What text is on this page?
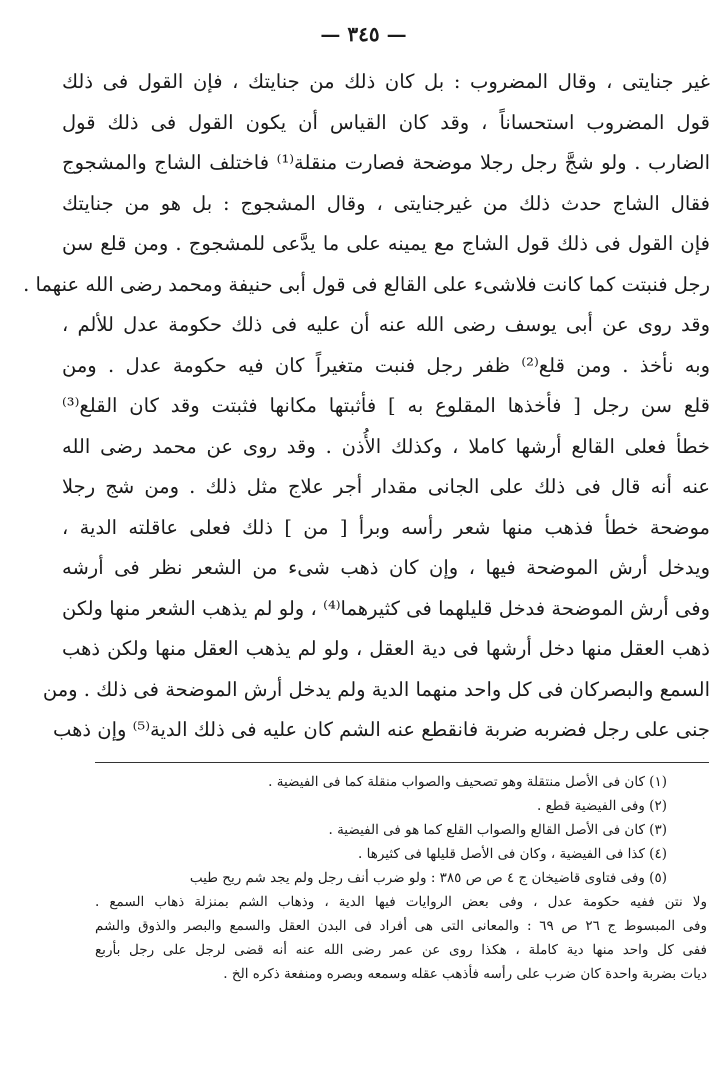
— ٣٤٥ —
غير جنايتى ، وقال المضروب : بل كان ذلك من جنايتك ، فإن القول فى ذلك
قول المضروب استحساناً ، وقد كان القياس أن يكون القول فى ذلك قول
الضارب . ولو شجَّ رجل رجلا موضحة فصارت منقلة⁽¹⁾ فاختلف الشاج والمشجوج
فقال الشاج حدث ذلك من غيرجنايتى ، وقال المشجوج : بل هو من جنايتك
فإن القول فى ذلك قول الشاج مع يمينه على ما يدَّعى للمشجوج . ومن قلع سن
رجل فنبتت كما كانت فلاشىء على القالع فى قول أبى حنيفة ومحمد رضى الله عنهما .
وقد روى عن أبى يوسف رضى الله عنه أن عليه فى ذلك حكومة عدل للألم ،
وبه نأخذ . ومن قلع⁽²⁾ ظفر رجل فنبت متغيراً كان فيه حكومة عدل . ومن
قلع سن رجل [ فأخذها المقلوع به ] فأثبتها مكانها فثبتت وقد كان القلع⁽³⁾
خطأ فعلى القالع أرشها كاملا ، وكذلك الأُذن . وقد روى عن محمد رضى الله
عنه أنه قال فى ذلك على الجانى مقدار أجر علاج مثل ذلك . ومن شج رجلا
موضحة خطأ فذهب منها شعر رأسه وبرأ [ من ] ذلك فعلى عاقلته الدية ،
ويدخل أرش الموضحة فيها ، وإن كان ذهب شىء من الشعر نظر فى أرشه
وفى أرش الموضحة فدخل قليلهما فى كثيرهما⁽⁴⁾ ، ولو لم يذهب الشعر منها ولكن
ذهب العقل منها دخل أرشها فى دية العقل ، ولو لم يذهب العقل منها ولكن ذهب
السمع والبصركان فى كل واحد منهما الدية ولم يدخل أرش الموضحة فى ذلك . ومن
جنى على رجل فضربه ضربة فانقطع عنه الشم كان عليه فى ذلك الدية⁽⁵⁾ وإن ذهب
(١) كان فى الأصل منتقلة وهو تصحيف والصواب منقلة كما فى الفيضية .
(٢) وفى الفيضية قطع .
(٣) كان فى الأصل القالع والصواب القلع كما هو فى الفيضية .
(٤) كذا فى الفيضية ، وكان فى الأصل قليلها فى كثيرها .
(٥) وفى فتاوى قاضيخان ج ٤ ص ص ٣٨٥ : ولو ضرب أنف رجل ولم يجد شم ريح طيب
ولا نتن ففيه حكومة عدل ، وفى بعض الروايات فيها الدية ، وذهاب الشم بمنزلة ذهاب السمع .
وفى المبسوط ج ٢٦ ص ٦٩ : والمعانى التى هى أفراد فى البدن العقل والسمع والبصر والذوق والشم
ففى كل واحد منها دية كاملة ، هكذا روى عن عمر رضى الله عنه أنه قضى لرجل على رجل بأربع
ديات بضربة واحدة كان ضرب على رأسه فأذهب عقله وسمعه وبصره ومنفعة ذكره الخ .
